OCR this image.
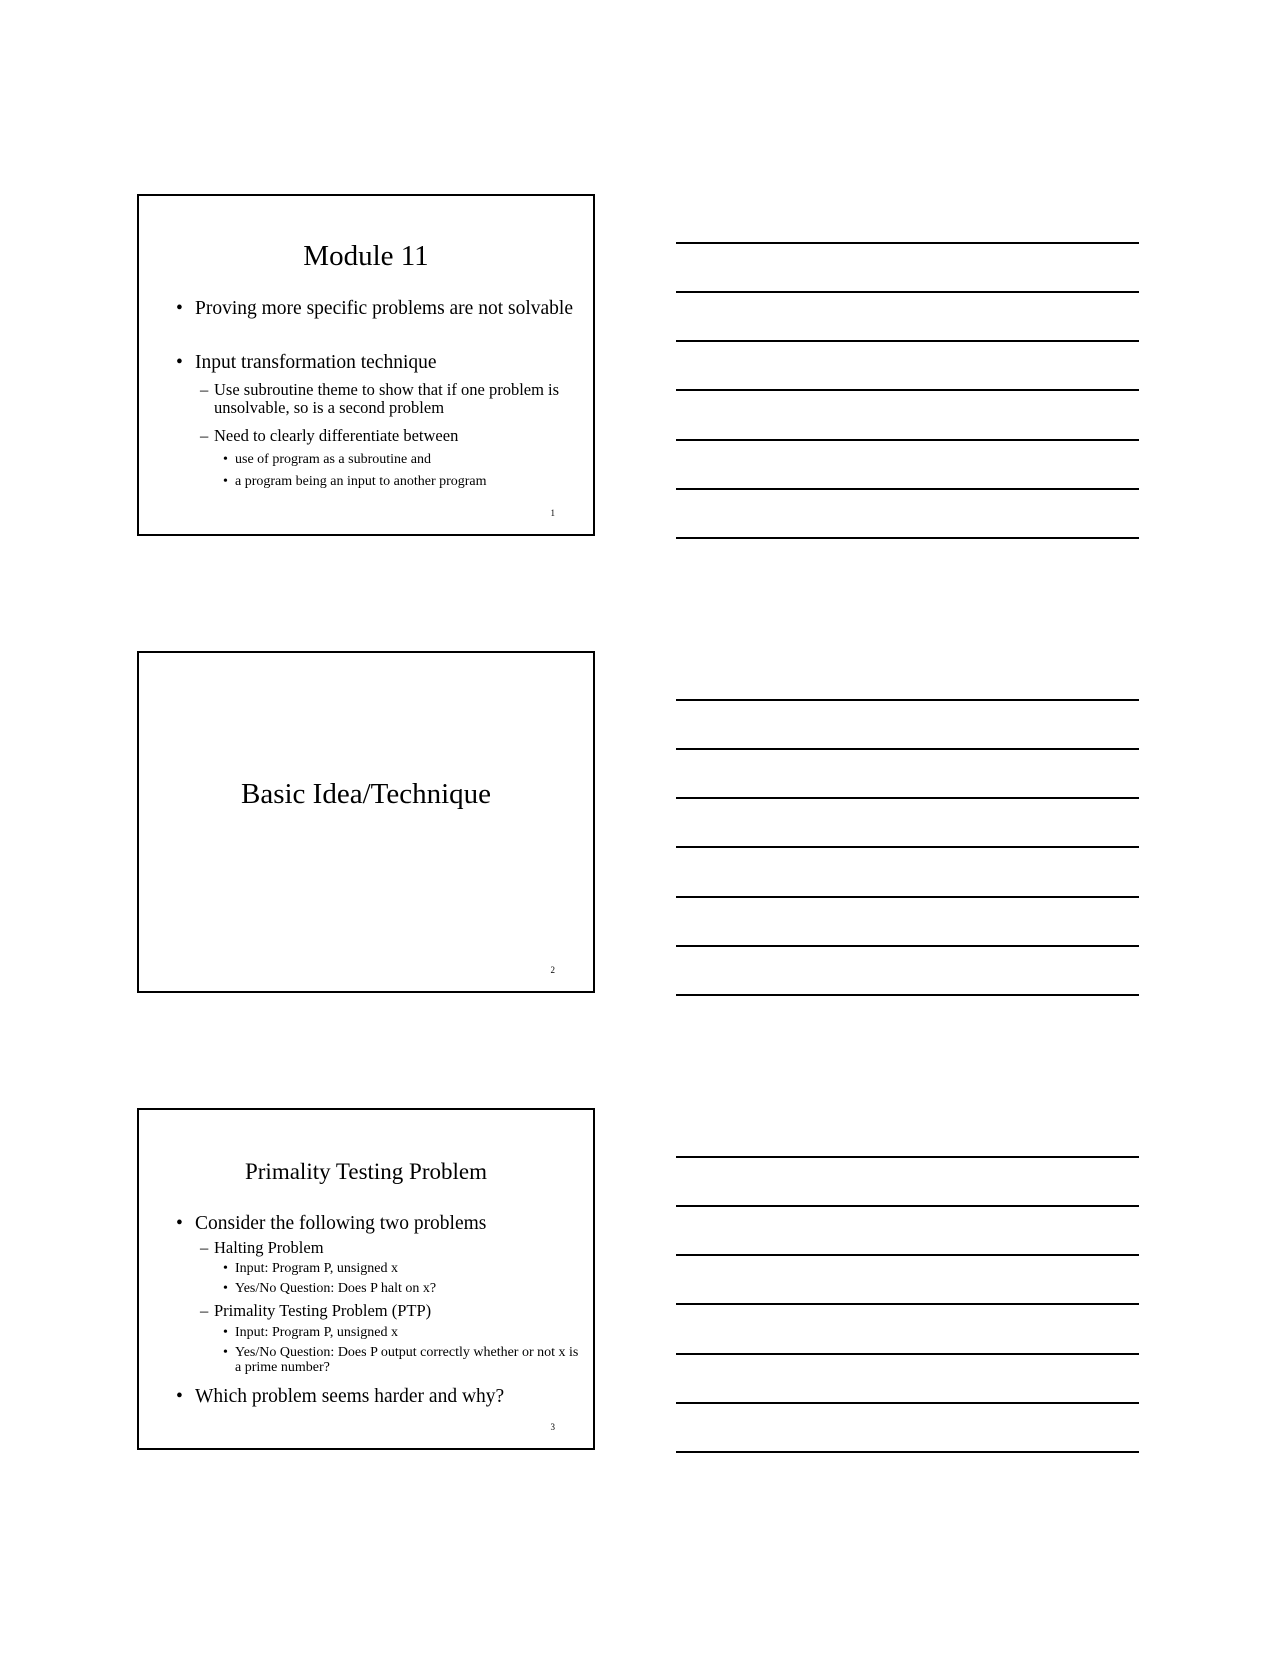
Module 11
• Proving more specific problems are not solvable
• Input transformation technique
– Use subroutine theme to show that if one problem is unsolvable, so is a second problem
– Need to clearly differentiate between
• use of program as a subroutine and
• a program being an input to another program
1
Basic Idea/Technique
2
Primality Testing Problem
• Consider the following two problems
– Halting Problem
• Input: Program P, unsigned x
• Yes/No Question: Does P halt on x?
– Primality Testing Problem (PTP)
• Input: Program P, unsigned x
• Yes/No Question: Does P output correctly whether or not x is a prime number?
• Which problem seems harder and why?
3
